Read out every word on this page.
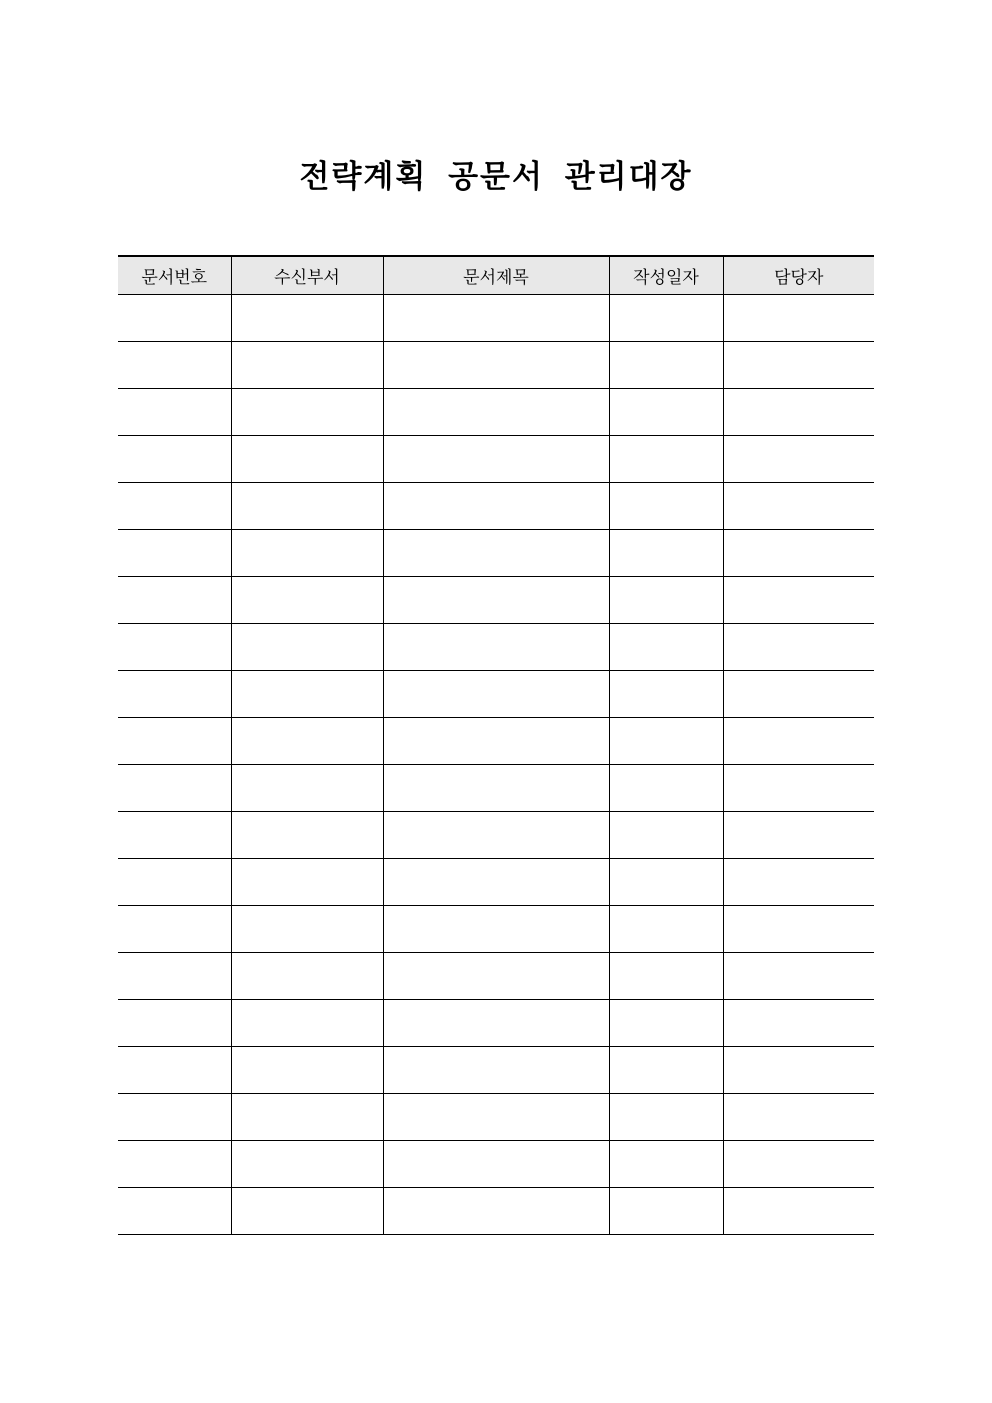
전략계획 공문서 관리대장
문서번호	수신부서	문서제목	작성일자	담당자
